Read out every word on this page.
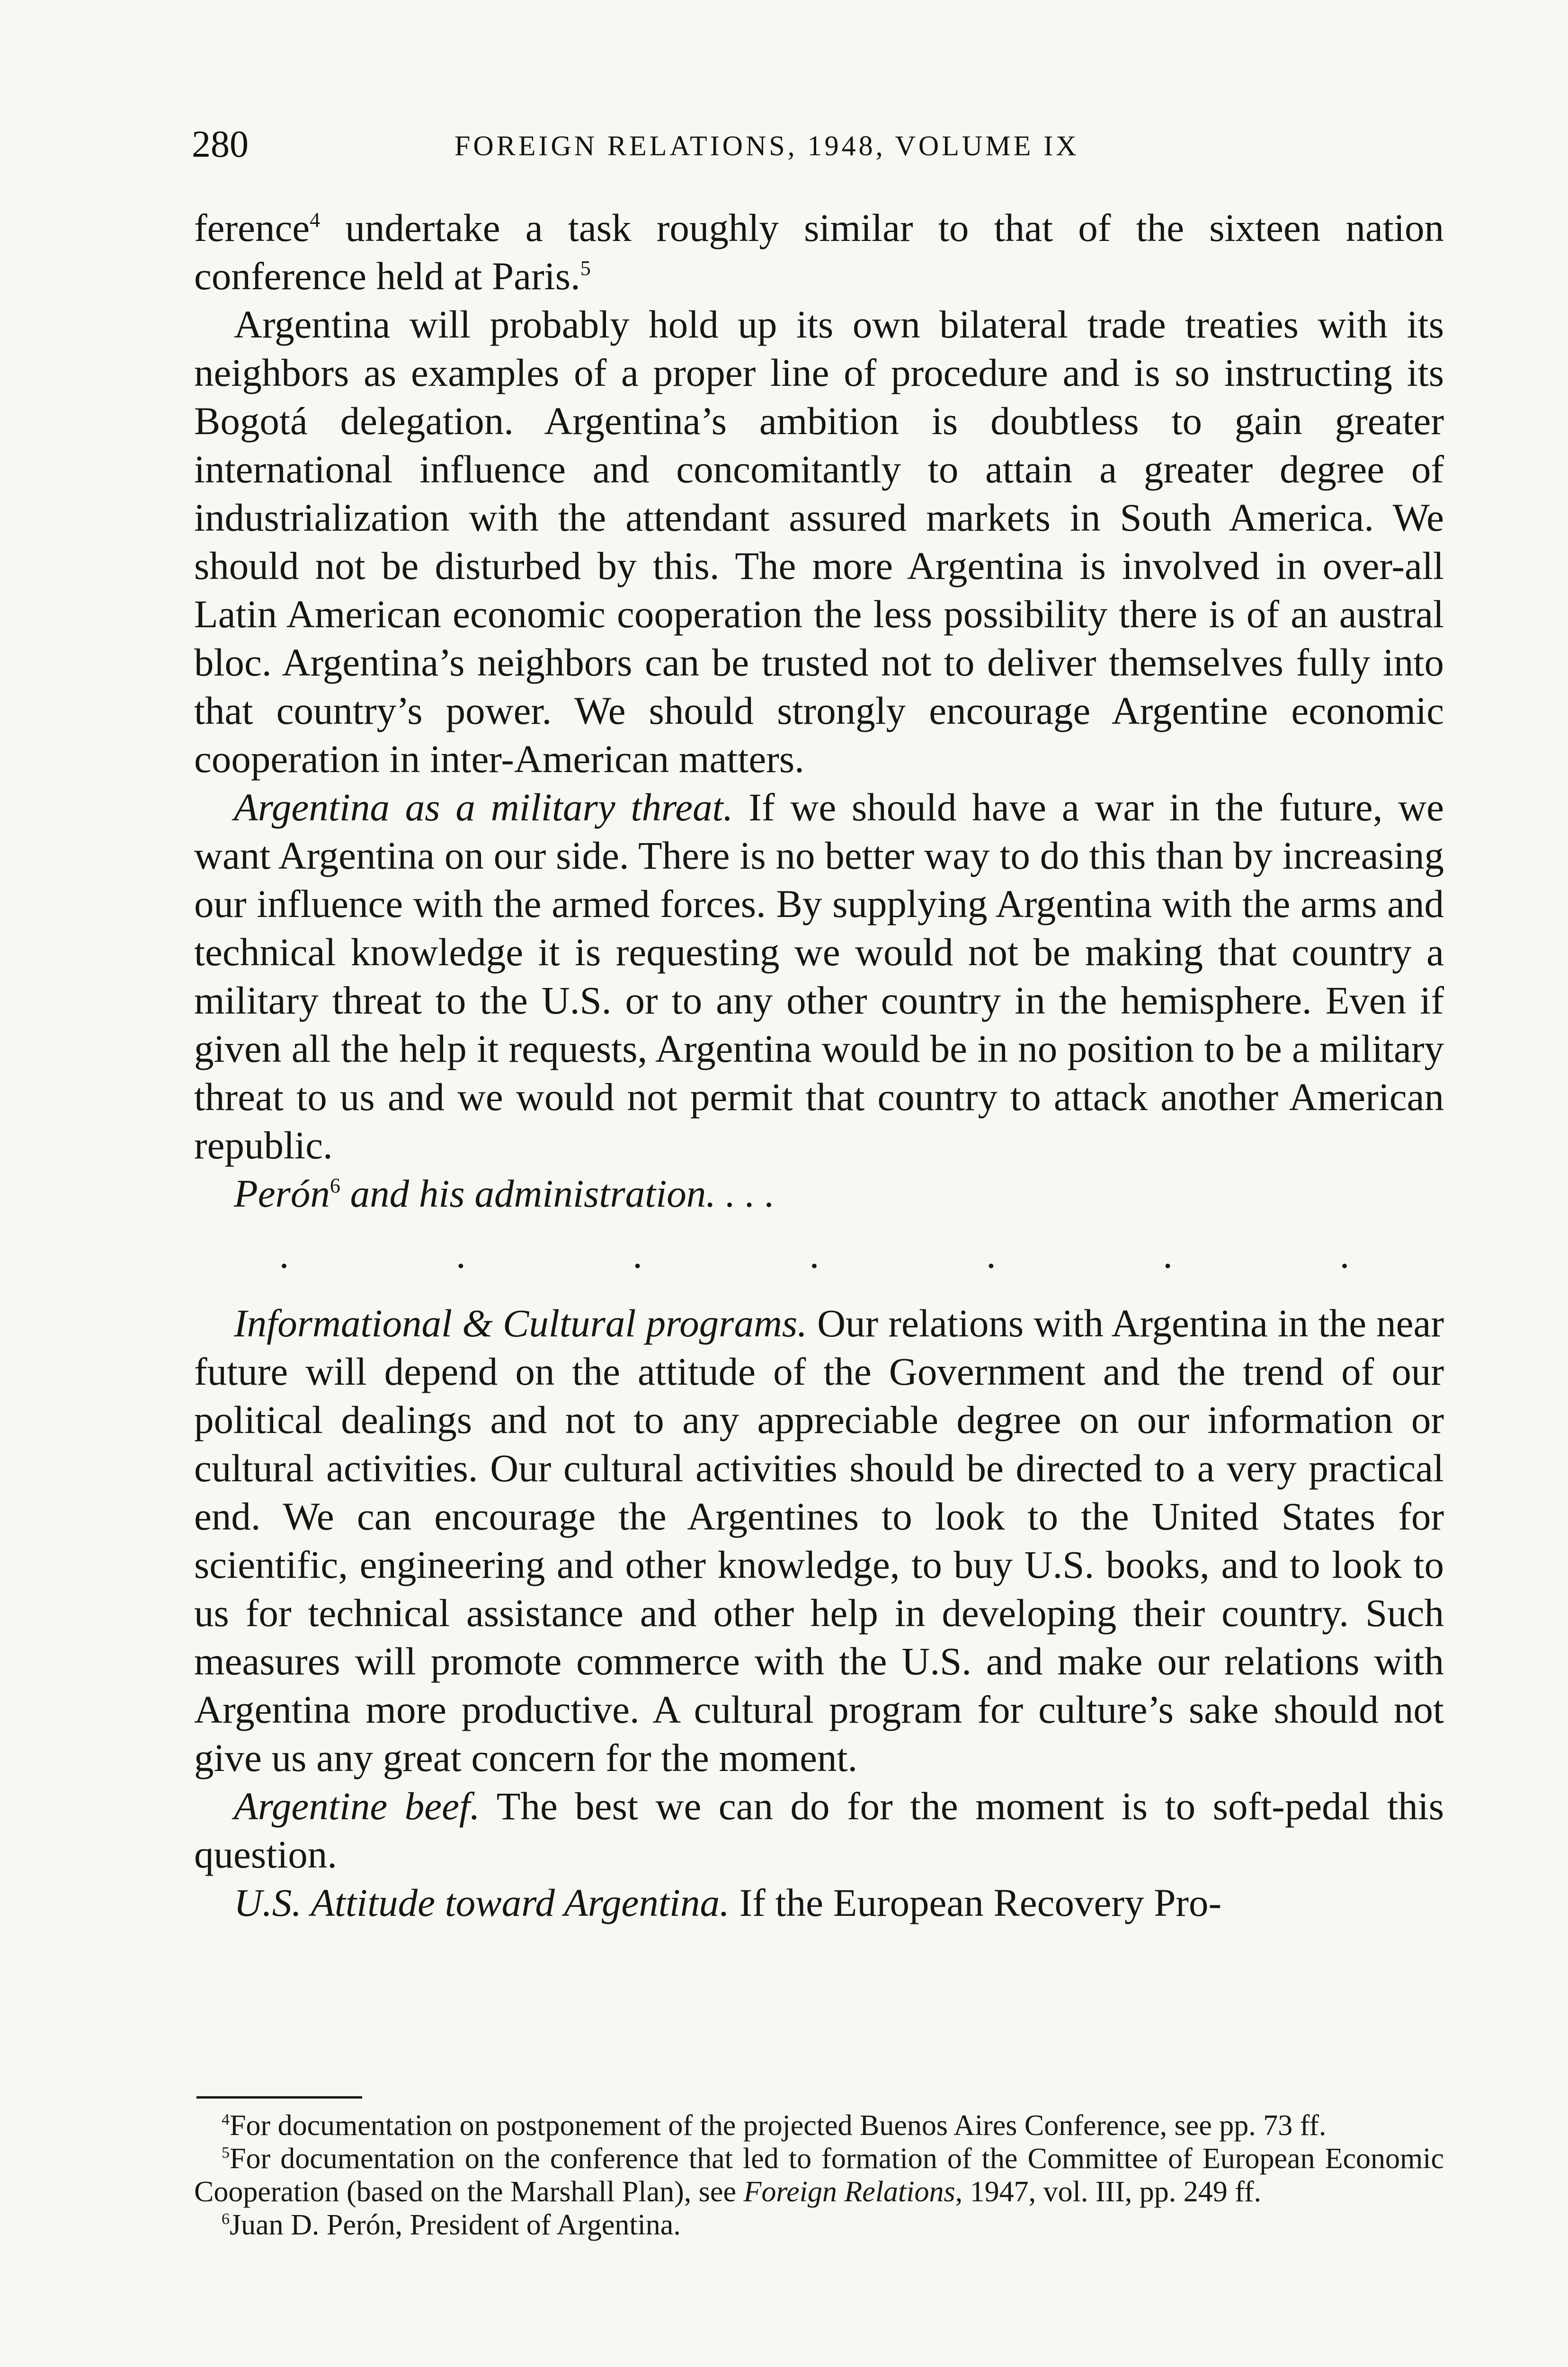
280	FOREIGN RELATIONS, 1948, VOLUME IX

ference$^4$ undertake a task roughly similar to that of the sixteen nation conference held at Paris.$^5$

Argentina will probably hold up its own bilateral trade treaties with its neighbors as examples of a proper line of procedure and is so instructing its Bogotá delegation. Argentina’s ambition is doubtless to gain greater international influence and concomitantly to attain a greater degree of industrialization with the attendant assured markets in South America. We should not be disturbed by this. The more Argentina is involved in over-all Latin American economic cooperation the less possibility there is of an austral bloc. Argentina’s neighbors can be trusted not to deliver themselves fully into that country’s power. We should strongly encourage Argentine economic cooperation in inter-American matters.

Argentina as a military threat. If we should have a war in the future, we want Argentina on our side. There is no better way to do this than by increasing our influence with the armed forces. By supplying Argentina with the arms and technical knowledge it is requesting we would not be making that country a military threat to the U.S. or to any other country in the hemisphere. Even if given all the help it requests, Argentina would be in no position to be a military threat to us and we would not permit that country to attack another American republic.

Perón$^6$ and his administration. . . .

.	.	.	.	.	.	.

Informational & Cultural programs. Our relations with Argentina in the near future will depend on the attitude of the Government and the trend of our political dealings and not to any appreciable degree on our information or cultural activities. Our cultural activities should be directed to a very practical end. We can encourage the Argentines to look to the United States for scientific, engineering and other knowledge, to buy U.S. books, and to look to us for technical assistance and other help in developing their country. Such measures will promote commerce with the U.S. and make our relations with Argentina more productive. A cultural program for culture’s sake should not give us any great concern for the moment.

Argentine beef. The best we can do for the moment is to soft-pedal this question.

U.S. Attitude toward Argentina. If the European Recovery Pro-

$^4$For documentation on postponement of the projected Buenos Aires Conference, see pp. 73 ff.

$^5$For documentation on the conference that led to formation of the Committee of European Economic Cooperation (based on the Marshall Plan), see Foreign Relations, 1947, vol. III, pp. 249 ff.

$^6$Juan D. Perón, President of Argentina.
